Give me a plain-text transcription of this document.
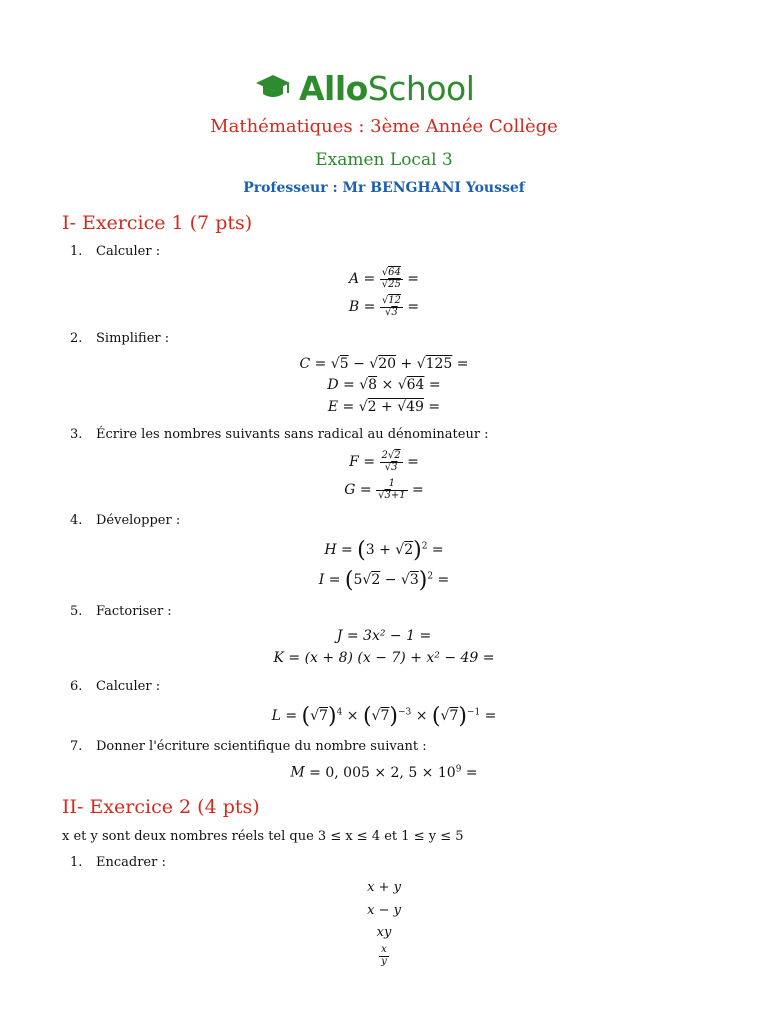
AlloSchool
Mathématiques : 3ème Année Collège
Examen Local 3
Professeur : Mr BENGHANI Youssef
I- Exercice 1 (7 pts)
1. Calculer :
$A = \frac{√64}{√25}$ =
$B = \frac{√12}{√3}$ =
2. Simplifier :
C = √5 − √20 + √125 =
D = √8 × √64 =
E = √2 + √49 =
3. Écrire les nombres suivants sans radical au dénominateur :
$F = \frac{2√2}{√3}$ =
$G = \frac{1}{√3+1}$ =
4. Développer :
$H = (3 + √2)^2$ =
$I = (5√2 - √3)^2$ =
5. Factoriser :
J = 3x² − 1 =
K = (x + 8) (x − 7) + x² − 49 =
6. Calculer :
$L = (√7)^4 \times (√7)^{-3} \times (√7)^{-1}$ =
7. Donner l'écriture scientifique du nombre suivant :
M = 0, 005 × 2, $5 \times 10^9$ =
II- Exercice 2 (4 pts)
x et y sont deux nombres réels tel que 3 ≤ x ≤ 4 et 1 ≤ y ≤ 5
1. Encadrer :
x + y
x − y
xy
$\frac{x}{y}$
